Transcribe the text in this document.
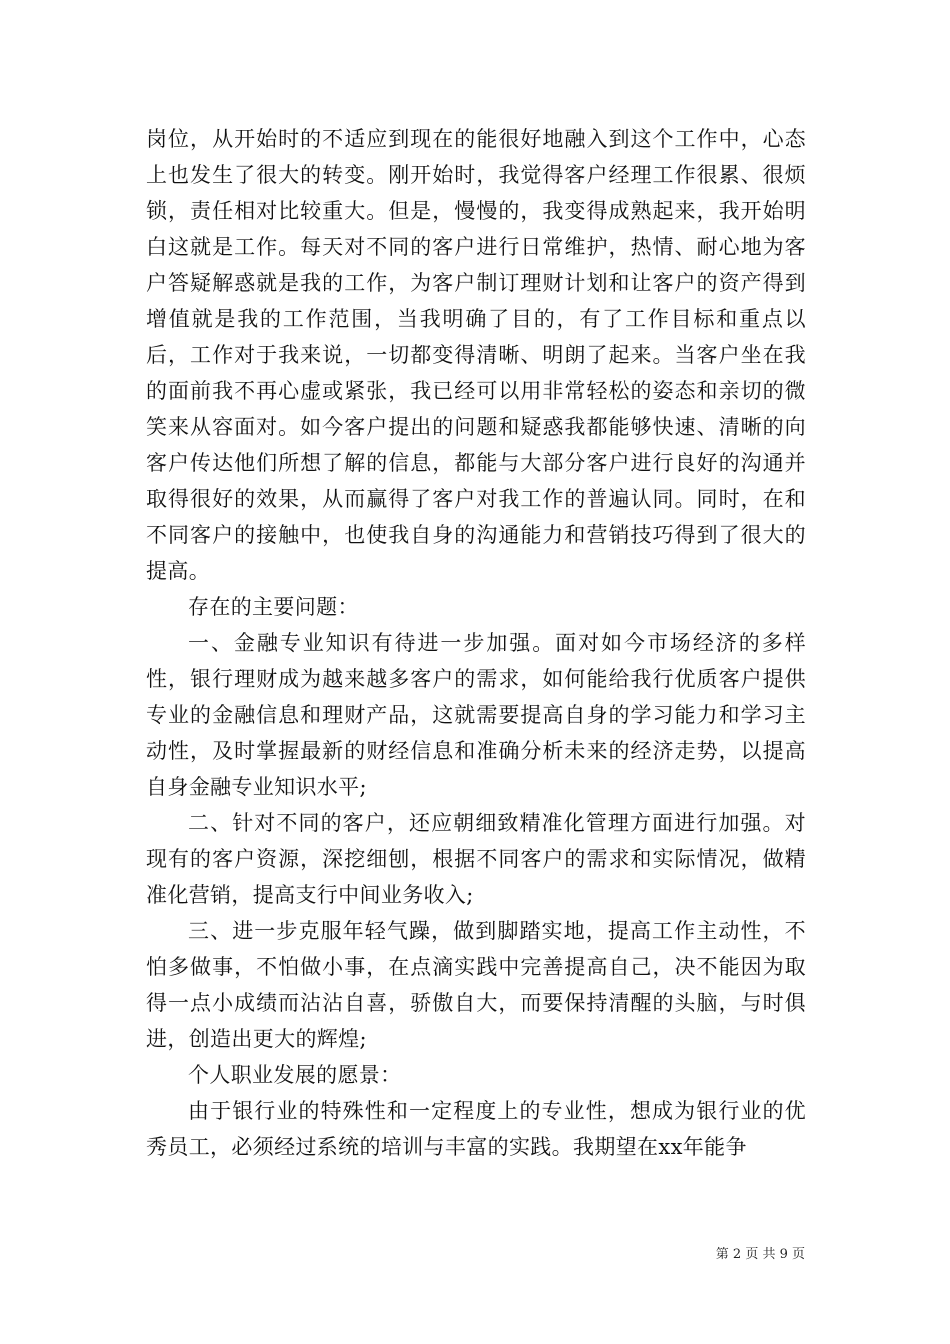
岗位，从开始时的不适应到现在的能很好地融入到这个工作中，心态上也发生了很大的转变。刚开始时，我觉得客户经理工作很累、很烦锁，责任相对比较重大。但是，慢慢的，我变得成熟起来，我开始明白这就是工作。每天对不同的客户进行日常维护，热情、耐心地为客户答疑解惑就是我的工作，为客户制订理财计划和让客户的资产得到增值就是我的工作范围，当我明确了目的，有了工作目标和重点以后，工作对于我来说，一切都变得清晰、明朗了起来。当客户坐在我的面前我不再心虚或紧张，我已经可以用非常轻松的姿态和亲切的微笑来从容面对。如今客户提出的问题和疑惑我都能够快速、清晰的向客户传达他们所想了解的信息，都能与大部分客户进行良好的沟通并取得很好的效果，从而赢得了客户对我工作的普遍认同。同时，在和不同客户的接触中，也使我自身的沟通能力和营销技巧得到了很大的提高。

存在的主要问题：

一、金融专业知识有待进一步加强。面对如今市场经济的多样性，银行理财成为越来越多客户的需求，如何能给我行优质客户提供专业的金融信息和理财产品，这就需要提高自身的学习能力和学习主动性，及时掌握最新的财经信息和准确分析未来的经济走势，以提高自身金融专业知识水平;

二、针对不同的客户，还应朝细致精准化管理方面进行加强。对现有的客户资源，深挖细刨，根据不同客户的需求和实际情况，做精准化营销，提高支行中间业务收入;

三、进一步克服年轻气躁，做到脚踏实地，提高工作主动性，不怕多做事，不怕做小事，在点滴实践中完善提高自己，决不能因为取得一点小成绩而沾沾自喜，骄傲自大，而要保持清醒的头脑，与时俱进，创造出更大的辉煌;

个人职业发展的愿景：

由于银行业的特殊性和一定程度上的专业性，想成为银行业的优秀员工，必须经过系统的培训与丰富的实践。我期望在xx年能争

第 2 页 共 9 页
